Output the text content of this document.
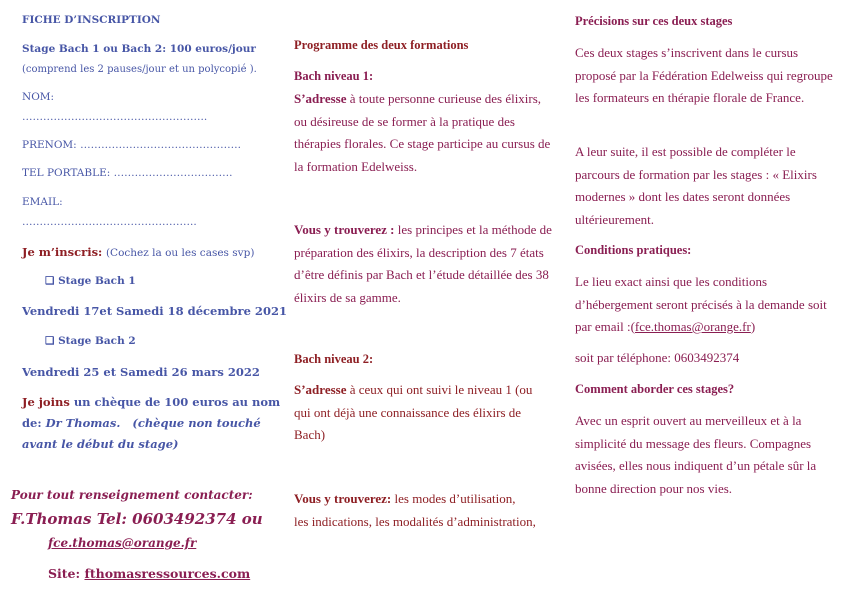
FICHE D’INSCRIPTION
Stage Bach 1 ou Bach 2: 100 euros/jour
(comprend les 2 pauses/jour et un polycopié ).
NOM:
……………………………………………..
PRENOM: ……………………………………….
TEL PORTABLE: …………………………….
EMAIL:
…………………………………………..
Je m’inscris: (Cochez la ou les cases svp)
❑ Stage Bach 1
Vendredi 17et Samedi 18 décembre 2021
❑ Stage Bach 2
Vendredi 25 et Samedi 26 mars 2022
Je joins un chèque de 100 euros au nom
de: Dr Thomas. (chèque non touché
avant le début du stage)
Pour tout renseignement contacter:
F.Thomas Tel: 0603492374 ou
fce.thomas@orange.fr
Site: fthomasressources.com
Programme des deux formations
Bach niveau 1:
S’adresse à toute personne curieuse des élixirs, ou désireuse de se former à la pratique des thérapies florales. Ce stage participe au cursus de la formation Edelweiss.
Vous y trouverez : les principes et la méthode de préparation des élixirs, la description des 7 états d’être définis par Bach et l’étude détaillée des 38 élixirs de sa gamme.
Bach niveau 2:
S’adresse à ceux qui ont suivi le niveau 1 (ou qui ont déjà une connaissance des élixirs de Bach)
Vous y trouverez: les modes d’utilisation,
les indications, les modalités d’administration,
Précisions sur ces deux stages
Ces deux stages s’inscrivent dans le cursus proposé par la Fédération Edelweiss qui regroupe les formateurs en thérapie florale de France.
A leur suite, il est possible de compléter le parcours de formation par les stages : « Elixirs modernes » dont les dates seront données ultérieurement.
Conditions pratiques:
Le lieu exact ainsi que les conditions d’hébergement seront précisés à la demande soit par email :(fce.thomas@orange.fr)
soit par téléphone: 0603492374
Comment aborder ces stages?
Avec un esprit ouvert au merveilleux et à la simplicité du message des fleurs. Compagnes avisées, elles nous indiquent d’un pétale sûr la bonne direction pour nos vies.
